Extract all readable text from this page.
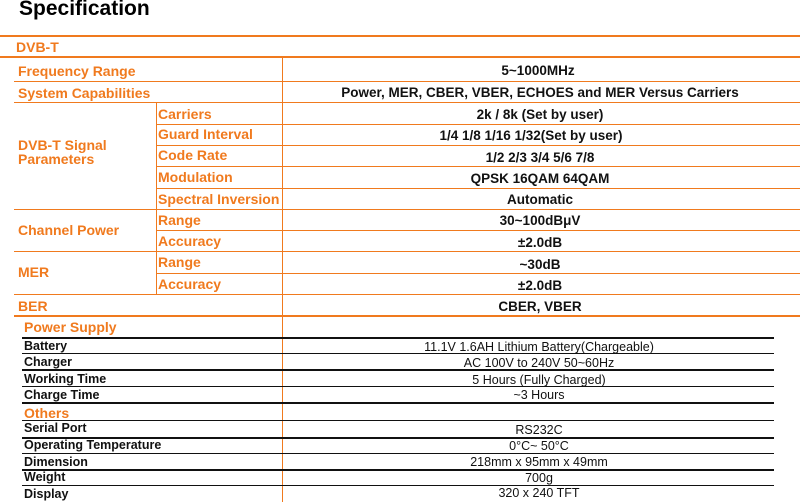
Specification
DVB-T
Frequency Range	5~1000MHz
System Capabilities	Power, MER, CBER, VBER, ECHOES and MER Versus Carriers
DVB-T Signal
Parameters
Carriers	2k / 8k (Set by user)
Guard Interval	1/4 1/8 1/16 1/32(Set by user)
Code Rate	1/2 2/3 3/4 5/6 7/8
Modulation	QPSK 16QAM 64QAM
Spectral Inversion	Automatic
Channel Power
Range	30~100dBμV
Accuracy	±2.0dB
MER
Range	~30dB
Accuracy	±2.0dB
BER	CBER, VBER
Power Supply
Battery	11.1V 1.6AH Lithium Battery(Chargeable)
Charger	AC 100V to 240V 50~60Hz
Working Time	5 Hours (Fully Charged)
Charge Time	~3 Hours
Others
Serial Port	RS232C
Operating Temperature	0°C~ 50°C
Dimension	218mm x 95mm x 49mm
Weight	700g
Display	320 x 240 TFT
